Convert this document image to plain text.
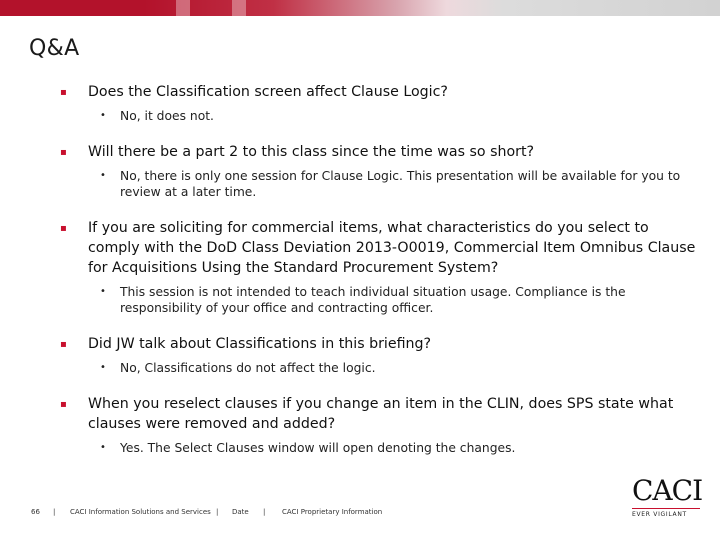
Q&A
▪ Does the Classification screen affect Clause Logic?
• No, it does not.
▪ Will there be a part 2 to this class since the time was so short?
• No, there is only one session for Clause Logic. This presentation will be available for you to review at a later time.
▪ If you are soliciting for commercial items, what characteristics do you select to comply with the DoD Class Deviation 2013-O0019, Commercial Item Omnibus Clause for Acquisitions Using the Standard Procurement System?
• This session is not intended to teach individual situation usage. Compliance is the responsibility of your office and contracting officer.
▪ Did JW talk about Classifications in this briefing?
• No, Classifications do not affect the logic.
▪ When you reselect clauses if you change an item in the CLIN, does SPS state what clauses were removed and added?
• Yes. The Select Clauses window will open denoting the changes.
66 | CACI Information Solutions and Services | Date | CACI Proprietary Information
CACI
EVER VIGILANT
